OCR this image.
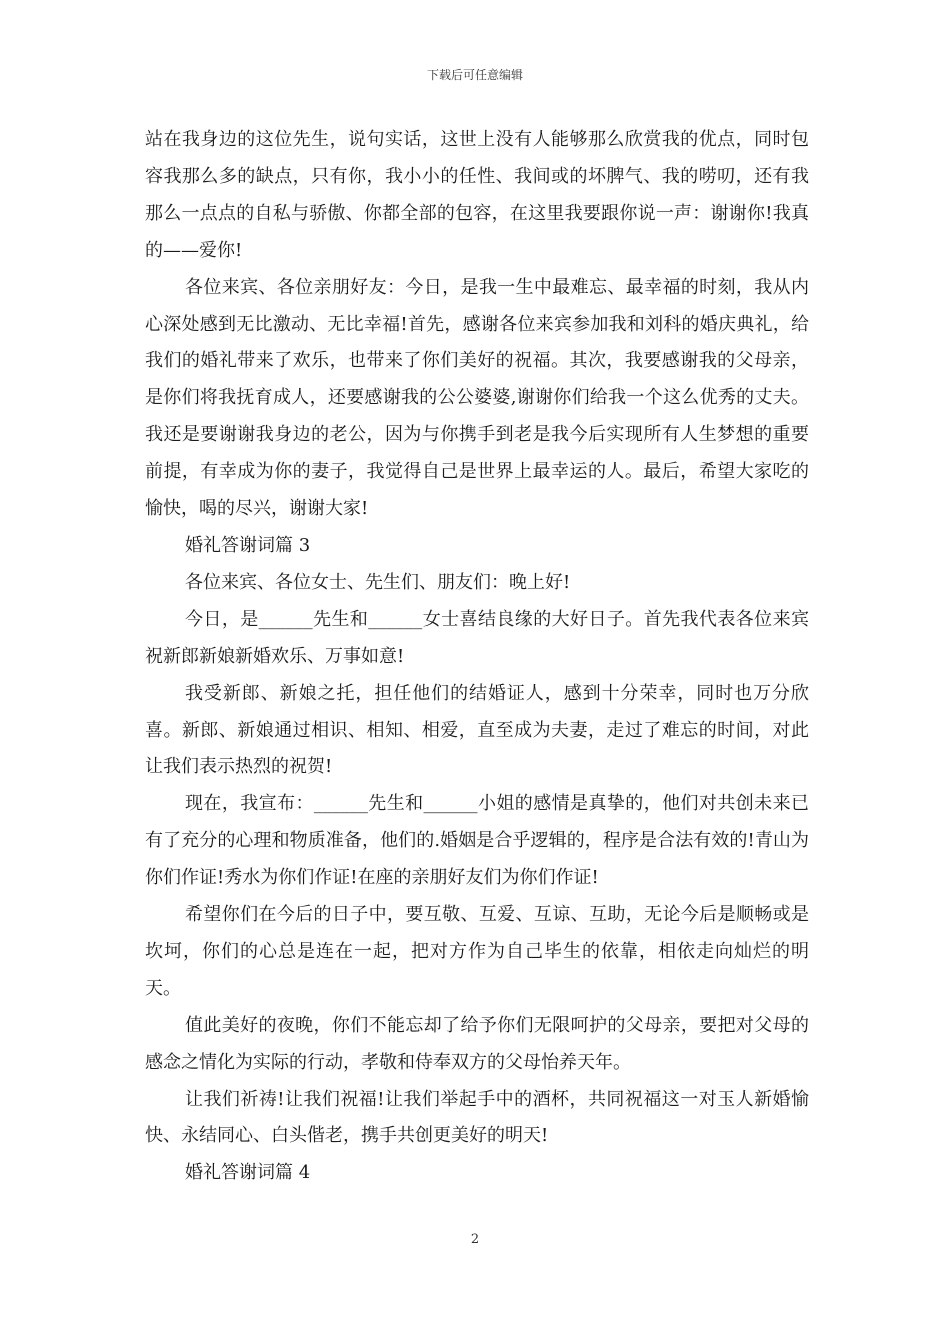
下载后可任意编辑

站在我身边的这位先生，说句实话，这世上没有人能够那么欣赏我的优点，同时包容我那么多的缺点，只有你，我小小的任性、我间或的坏脾气、我的唠叨，还有我那么一点点的自私与骄傲、你都全部的包容，在这里我要跟你说一声：谢谢你!我真的——爱你!

各位来宾、各位亲朋好友：今日，是我一生中最难忘、最幸福的时刻，我从内心深处感到无比激动、无比幸福!首先，感谢各位来宾参加我和刘科的婚庆典礼，给我们的婚礼带来了欢乐，也带来了你们美好的祝福。其次，我要感谢我的父母亲，是你们将我抚育成人，还要感谢我的公公婆婆,谢谢你们给我一个这么优秀的丈夫。我还是要谢谢我身边的老公，因为与你携手到老是我今后实现所有人生梦想的重要前提，有幸成为你的妻子，我觉得自己是世界上最幸运的人。最后，希望大家吃的愉快，喝的尽兴，谢谢大家!

婚礼答谢词篇 3

各位来宾、各位女士、先生们、朋友们：晚上好!

今日，是______先生和______女士喜结良缘的大好日子。首先我代表各位来宾祝新郎新娘新婚欢乐、万事如意!

我受新郎、新娘之托，担任他们的结婚证人，感到十分荣幸，同时也万分欣喜。新郎、新娘通过相识、相知、相爱，直至成为夫妻，走过了难忘的时间，对此让我们表示热烈的祝贺!

现在，我宣布：______先生和______小姐的感情是真挚的，他们对共创未来已有了充分的心理和物质准备，他们的.婚姻是合乎逻辑的，程序是合法有效的!青山为你们作证!秀水为你们作证!在座的亲朋好友们为你们作证!

希望你们在今后的日子中，要互敬、互爱、互谅、互助，无论今后是顺畅或是坎坷，你们的心总是连在一起，把对方作为自己毕生的依靠，相依走向灿烂的明天。

值此美好的夜晚，你们不能忘却了给予你们无限呵护的父母亲，要把对父母的感念之情化为实际的行动，孝敬和侍奉双方的父母怡养天年。

让我们祈祷!让我们祝福!让我们举起手中的酒杯，共同祝福这一对玉人新婚愉快、永结同心、白头偕老，携手共创更美好的明天!

婚礼答谢词篇 4

2
